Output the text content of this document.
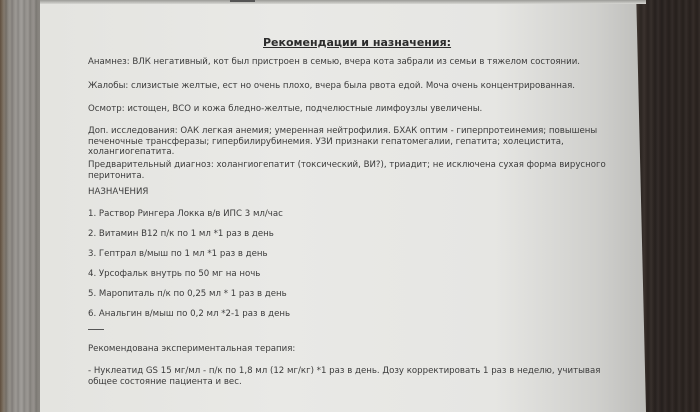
Рекомендации и назначения:
Анамнез: ВЛК негативный, кот был пристроен в семью, вчера кота забрали из семьи в тяжелом состоянии.
Жалобы: слизистые желтые, ест но очень плохо, вчера была рвота едой. Моча очень концентрированная.
Осмотр: истощен, ВСО и кожа бледно-желтые, подчелюстные лимфоузлы увеличены.
Доп. исследования: ОАК легкая анемия; умеренная нейтрофилия. БХАК оптим - гиперпротеинемия; повышены печеночные трансферазы; гипербилирубинемия. УЗИ признаки гепатомегалии, гепатита; холецистита, холангиогепатита.
Предварительный диагноз: холангиогепатит (токсический, ВИ?), триадит; не исключена сухая форма вирусного перитонита.
НАЗНАЧЕНИЯ
1. Раствор Рингера Локка в/в ИПС 3 мл/час
2. Витамин В12 п/к по 1 мл *1 раз в день
3. Гептрал в/мыш по 1 мл *1 раз в день
4. Урсофальк внутрь по 50 мг на ночь
5. Маропиталь п/к по 0,25 мл * 1 раз в день
6. Анальгин в/мыш по 0,2 мл *2-1 раз в день
Рекомендована экспериментальная терапия:
- Нуклеатид GS 15 мг/мл - п/к по 1,8 мл (12 мг/кг) *1 раз в день. Дозу корректировать 1 раз в неделю, учитывая общее состояние пациента и вес.
